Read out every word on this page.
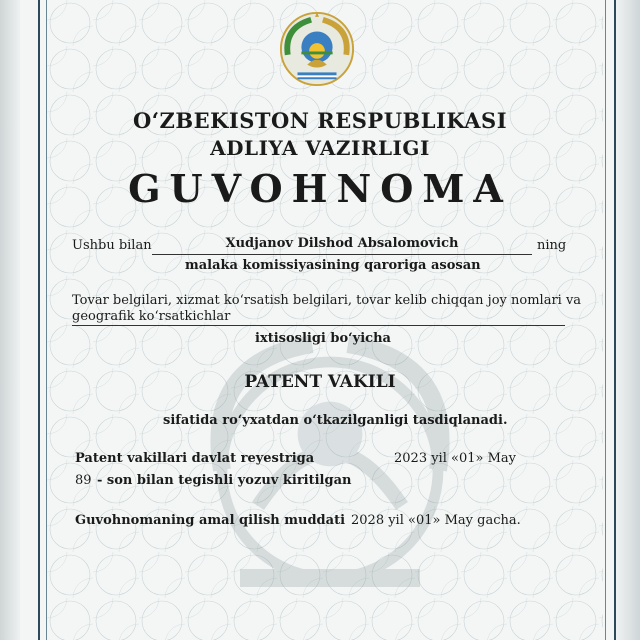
O‘ZBEKISTON RESPUBLIKASI
ADLIYA VAZIRLIGI
GUVOHNOMA
Ushbu bilan	Xudjanov Dilshod Absalomovich	ning
malaka komissiyasining qaroriga asosan
Tovar belgilari, xizmat ko‘rsatish belgilari, tovar kelib chiqqan joy nomlari va
geografik ko‘rsatkichlar
ixtisosligi bo‘yicha
PATENT VAKILI
sifatida ro‘yxatdan o‘tkazilganligi tasdiqlanadi.
Patent vakillari davlat reyestriga	2023 yil «01» May
89 - son bilan tegishli yozuv kiritilgan
Guvohnomaning amal qilish muddati 2028 yil «01» May gacha.
